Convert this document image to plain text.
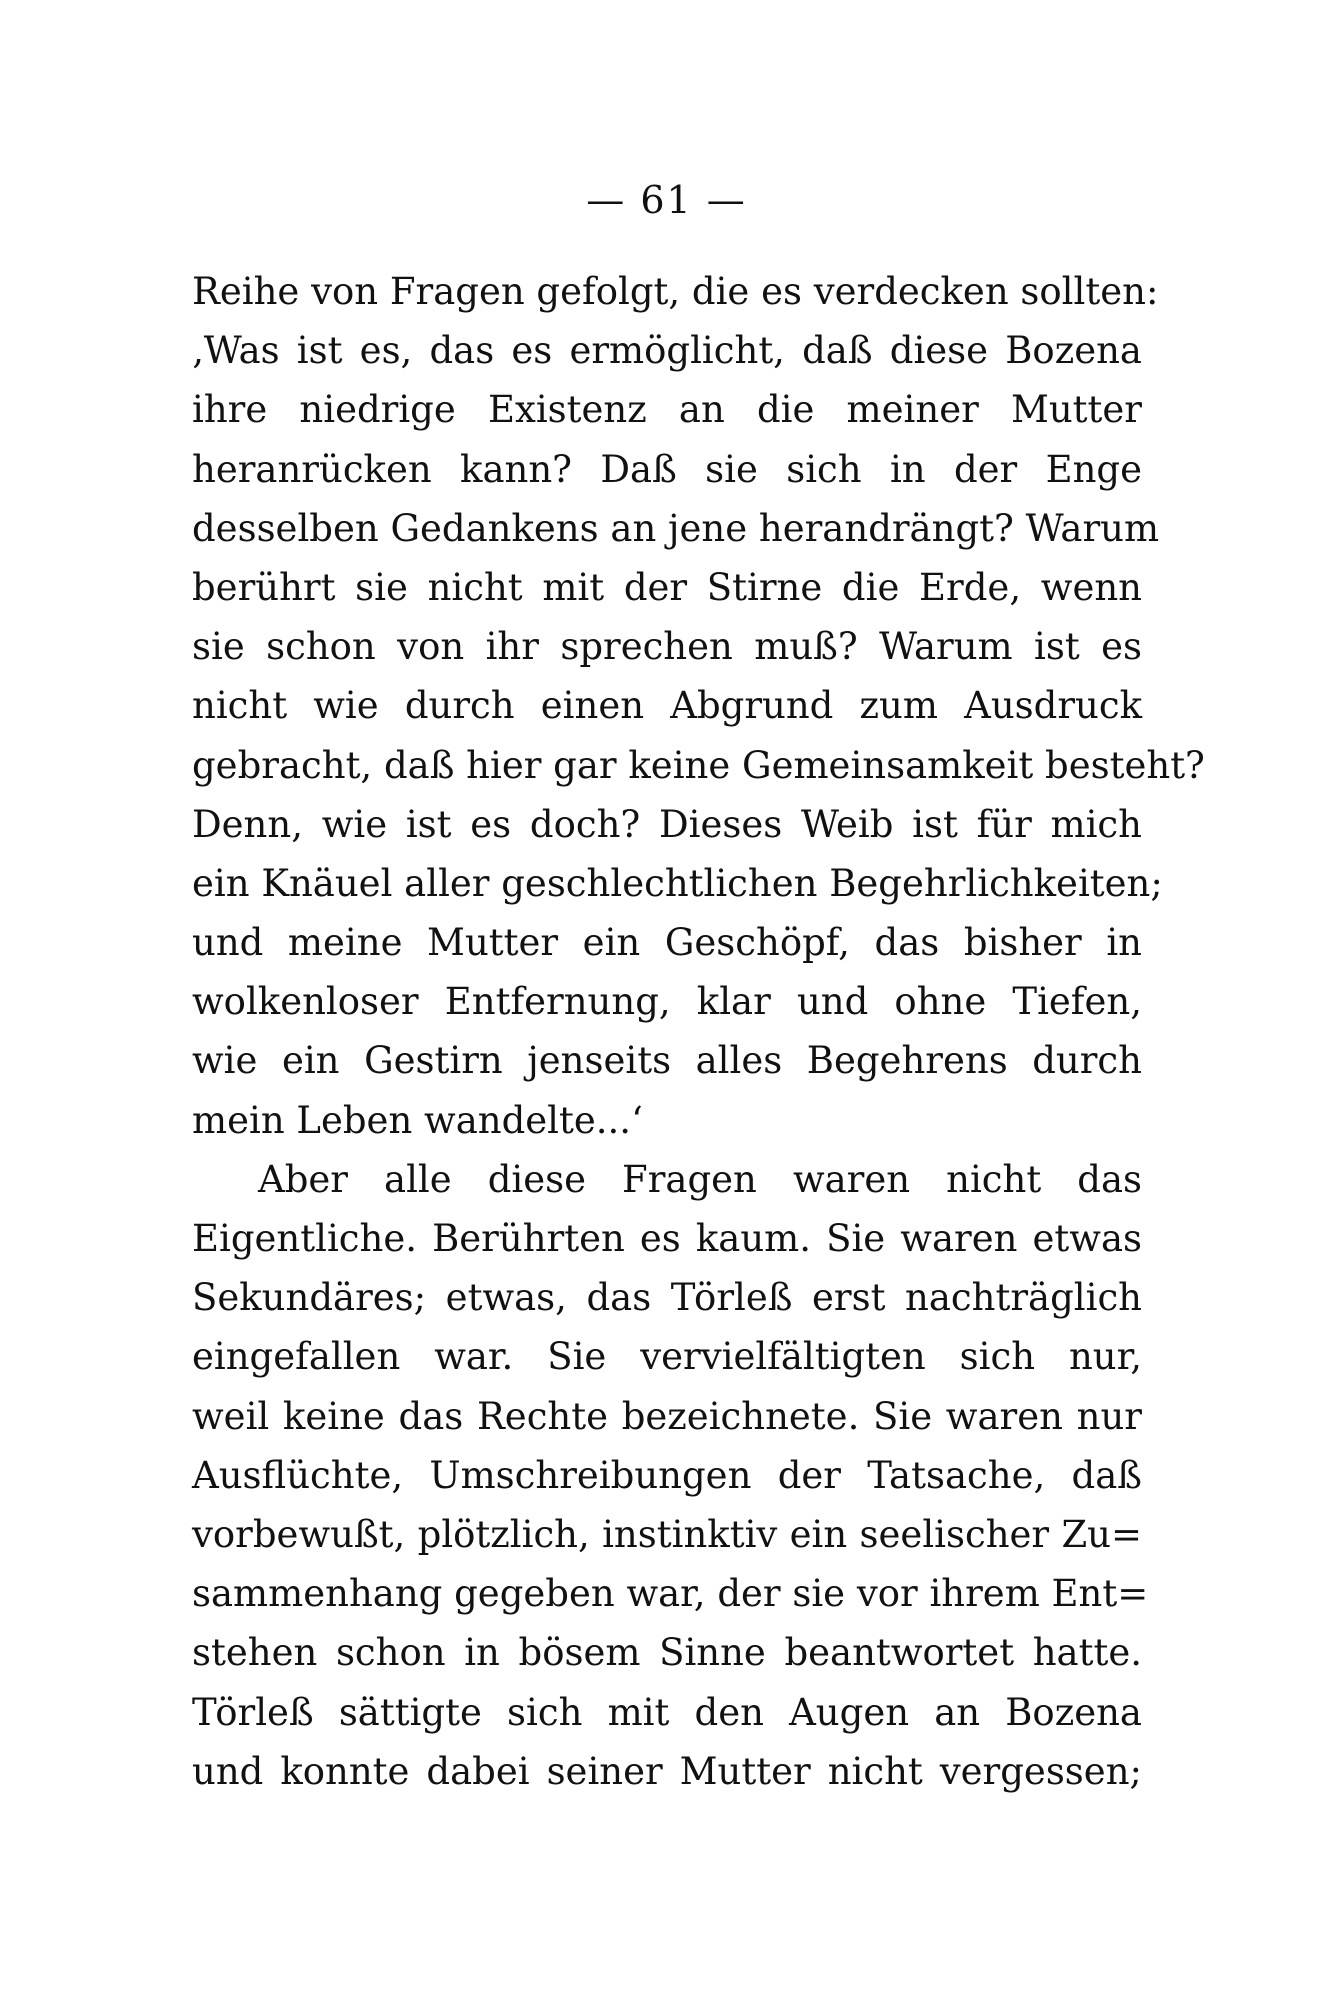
— 61 —
Reihe von Fragen gefolgt, die es verdecken sollten:
‚Was ist es, das es ermöglicht, daß diese Bozena
ihre niedrige Existenz an die meiner Mutter
heranrücken kann? Daß sie sich in der Enge
desselben Gedankens an jene herandrängt? Warum
berührt sie nicht mit der Stirne die Erde, wenn
sie schon von ihr sprechen muß? Warum ist es
nicht wie durch einen Abgrund zum Ausdruck
gebracht, daß hier gar keine Gemeinsamkeit besteht?
Denn, wie ist es doch? Dieses Weib ist für mich
ein Knäuel aller geschlechtlichen Begehrlichkeiten;
und meine Mutter ein Geschöpf, das bisher in
wolkenloser Entfernung, klar und ohne Tiefen,
wie ein Gestirn jenseits alles Begehrens durch
mein Leben wandelte...‘
Aber alle diese Fragen waren nicht das
Eigentliche. Berührten es kaum. Sie waren etwas
Sekundäres; etwas, das Törleß erst nachträglich
eingefallen war. Sie vervielfältigten sich nur,
weil keine das Rechte bezeichnete. Sie waren nur
Ausflüchte, Umschreibungen der Tatsache, daß
vorbewußt, plötzlich, instinktiv ein seelischer Zu=
sammenhang gegeben war, der sie vor ihrem Ent=
stehen schon in bösem Sinne beantwortet hatte.
Törleß sättigte sich mit den Augen an Bozena
und konnte dabei seiner Mutter nicht vergessen;
